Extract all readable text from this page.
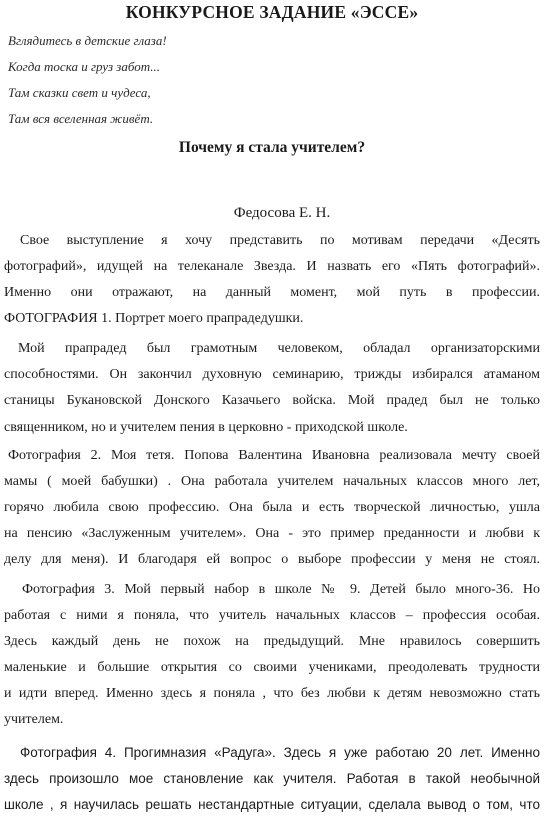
КОНКУРСНОЕ ЗАДАНИЕ «ЭССЕ»
Вглядитесь в детские глаза!
Когда тоска и груз забот...
Там сказки свет и чудеса,
Там вся вселенная живёт.
Почему я стала учителем?
Федосова Е. Н.
Свое выступление я хочу представить по мотивам передачи «Десять
фотографий», идущей на телеканале Звезда. И назвать его «Пять фотографий».
Именно они отражают, на данный момент, мой путь в профессии.
ФОТОГРАФИЯ 1. Портрет моего прапрадедушки.
Мой прапрадед был грамотным человеком, обладал организаторскими
способностями. Он закончил духовную семинарию, трижды избирался атаманом
станицы Букановской Донского Казачьего войска. Мой прадед был не только
священником, но и учителем пения в церковно - приходской школе.
Фотография 2. Моя тетя. Попова Валентина Ивановна реализовала мечту своей
мамы ( моей бабушки) . Она работала учителем начальных классов много лет,
горячо любила свою профессию. Она была и есть творческой личностью, ушла
на пенсию «Заслуженным учителем». Она - это пример преданности и любви к
делу для меня). И благодаря ей вопрос о выборе профессии у меня не стоял.
Фотография 3. Мой первый набор в школе № 9. Детей было много-36. Но
работая с ними я поняла, что учитель начальных классов – профессия особая.
Здесь каждый день не похож на предыдущий. Мне нравилось совершить
маленькие и большие открытия со своими учениками, преодолевать трудности
и идти вперед. Именно здесь я поняла , что без любви к детям невозможно стать
учителем.
Фотография 4. Прогимназия «Радуга». Здесь я уже работаю 20 лет. Именно
здесь произошло мое становление как учителя. Работая в такой необычной
школе , я научилась решать нестандартные ситуации, сделала вывод о том, что
